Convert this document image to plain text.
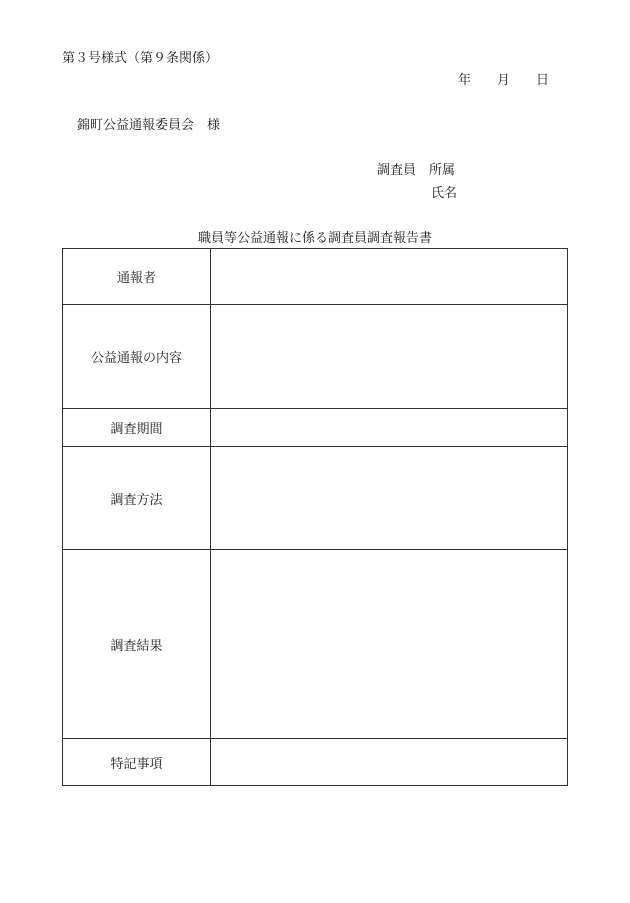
第３号様式（第９条関係）
年 月 日
錦町公益通報委員会　様
調査員　所属
氏名
職員等公益通報に係る調査員調査報告書
通報者	
公益通報の内容	
調査期間	
調査方法	
調査結果	
特記事項	
